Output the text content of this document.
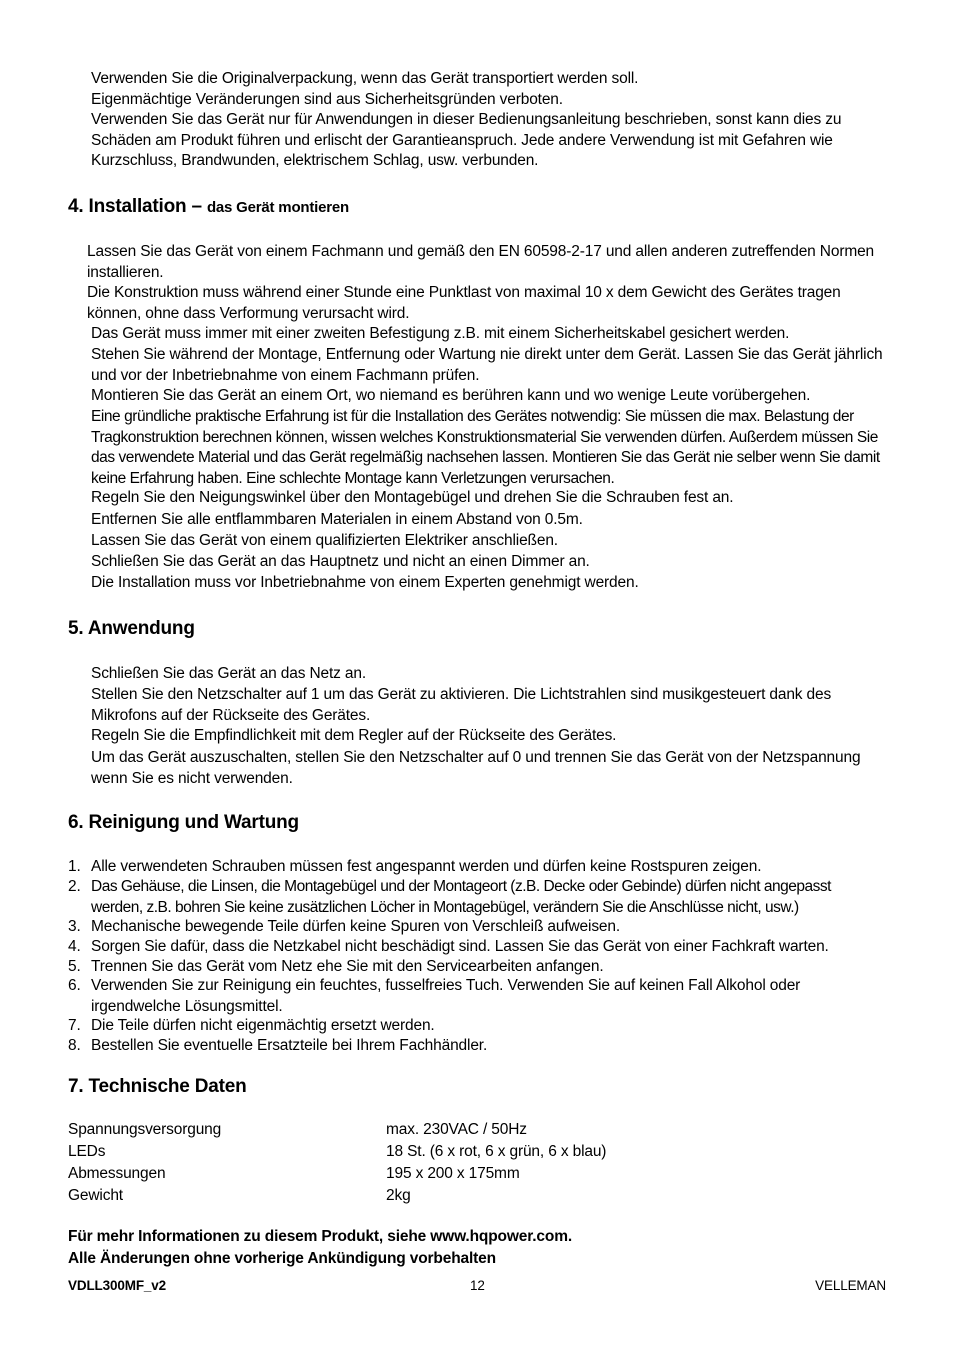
Verwenden Sie die Originalverpackung, wenn das Gerät transportiert werden soll.

Eigenmächtige Veränderungen sind aus Sicherheitsgründen verboten.

Verwenden Sie das Gerät nur für Anwendungen in dieser Bedienungsanleitung beschrieben, sonst kann dies zu Schäden am Produkt führen und erlischt der Garantieanspruch. Jede andere Verwendung ist mit Gefahren wie Kurzschluss, Brandwunden, elektrischem Schlag, usw. verbunden.

4. Installation – das Gerät montieren

Lassen Sie das Gerät von einem Fachmann und gemäß den EN 60598-2-17 und allen anderen zutreffenden Normen installieren.

Die Konstruktion muss während einer Stunde eine Punktlast von maximal 10 x dem Gewicht des Gerätes tragen können, ohne dass Verformung verursacht wird.

Das Gerät muss immer mit einer zweiten Befestigung z.B. mit einem Sicherheitskabel gesichert werden.

Stehen Sie während der Montage, Entfernung oder Wartung nie direkt unter dem Gerät. Lassen Sie das Gerät jährlich und vor der Inbetriebnahme von einem Fachmann prüfen.

Montieren Sie das Gerät an einem Ort, wo niemand es berühren kann und wo wenige Leute vorübergehen.

Eine gründliche praktische Erfahrung ist für die Installation des Gerätes notwendig: Sie müssen die max. Belastung der Tragkonstruktion berechnen können, wissen welches Konstruktionsmaterial Sie verwenden dürfen. Außerdem müssen Sie das verwendete Material und das Gerät regelmäßig nachsehen lassen. Montieren Sie das Gerät nie selber wenn Sie damit keine Erfahrung haben. Eine schlechte Montage kann Verletzungen verursachen.

Regeln Sie den Neigungswinkel über den Montagebügel und drehen Sie die Schrauben fest an.

Entfernen Sie alle entflammbaren Materialen in einem Abstand von 0.5m.

Lassen Sie das Gerät von einem qualifizierten Elektriker anschließen.

Schließen Sie das Gerät an das Hauptnetz und nicht an einen Dimmer an.

Die Installation muss vor Inbetriebnahme von einem Experten genehmigt werden.

5. Anwendung

Schließen Sie das Gerät an das Netz an.

Stellen Sie den Netzschalter auf 1 um das Gerät zu aktivieren. Die Lichtstrahlen sind musikgesteuert dank des Mikrofons auf der Rückseite des Gerätes.

Regeln Sie die Empfindlichkeit mit dem Regler auf der Rückseite des Gerätes.

Um das Gerät auszuschalten, stellen Sie den Netzschalter auf 0 und trennen Sie das Gerät von der Netzspannung wenn Sie es nicht verwenden.

6. Reinigung und Wartung
1. Alle verwendeten Schrauben müssen fest angespannt werden und dürfen keine Rostspuren zeigen.
2. Das Gehäuse, die Linsen, die Montagebügel und der Montageort (z.B. Decke oder Gebinde) dürfen nicht angepasst werden, z.B. bohren Sie keine zusätzlichen Löcher in Montagebügel, verändern Sie die Anschlüsse nicht, usw.)
3. Mechanische bewegende Teile dürfen keine Spuren von Verschleiß aufweisen.
4. Sorgen Sie dafür, dass die Netzkabel nicht beschädigt sind. Lassen Sie das Gerät von einer Fachkraft warten.
5. Trennen Sie das Gerät vom Netz ehe Sie mit den Servicearbeiten anfangen.
6. Verwenden Sie zur Reinigung ein feuchtes, fusselfreies Tuch. Verwenden Sie auf keinen Fall Alkohol oder irgendwelche Lösungsmittel.
7. Die Teile dürfen nicht eigenmächtig ersetzt werden.
8. Bestellen Sie eventuelle Ersatzteile bei Ihrem Fachhändler.
7. Technische Daten
Spannungsversorgung	max. 230VAC / 50Hz
LEDs	18 St. (6 x rot, 6 x grün, 6 x blau)
Abmessungen	195 x 200 x 175mm
Gewicht	2kg
Für mehr Informationen zu diesem Produkt, siehe www.hqpower.com.
Alle Änderungen ohne vorherige Ankündigung vorbehalten
VDLL300MF_v2	12	VELLEMAN
